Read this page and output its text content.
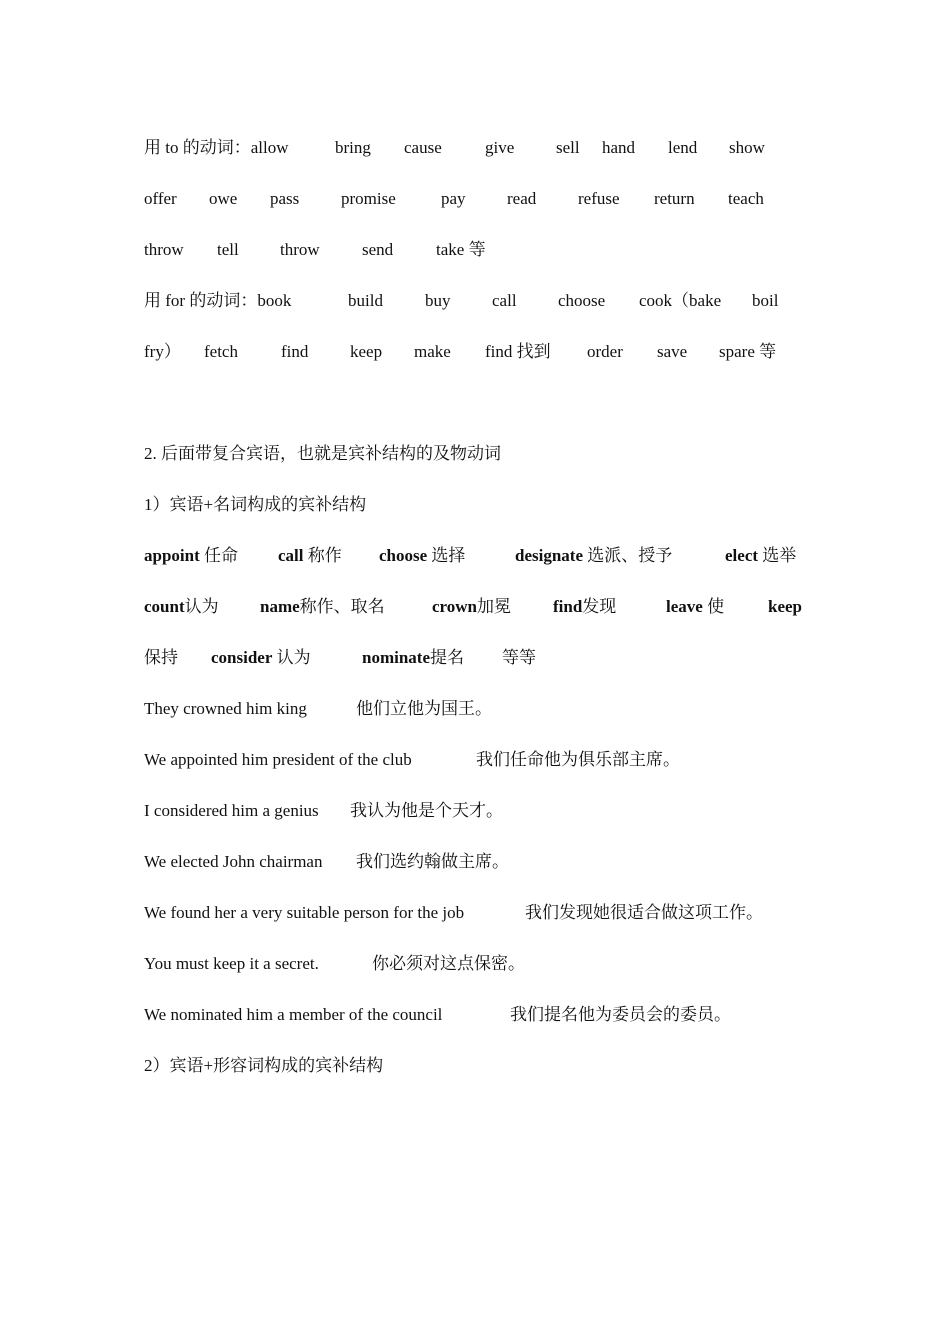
用 to 的动词：allow	bring cause	give sell hand lend show
offer owe pass promise	pay read refuse return teach
throw tell throw send	take 等
用 for 的动词：book	build buy call choose cook（bake boil
fry） fetch	find keep make find 找到 order save spare 等
2. 后面带复合宾语，也就是宾补结构的及物动词
1）宾语+名词构成的宾补结构
appoint 任命 call 称作 choose 选择	designate 选派、授予	elect 选举
count认为 name称作、取名	crown加冕 find发现	leave 使	keep
保持 consider 认为	nominate提名 等等
They crowned him king	他们立他为国王。
We appointed him president of the club	我们任命他为俱乐部主席。
I considered him a genius 我认为他是个天才。
We elected John chairman 我们选约翰做主席。
We found her a very suitable person for the job	我们发现她很适合做这项工作。
You must keep it a secret.	你必须对这点保密。
We nominated him a member of the council	我们提名他为委员会的委员。
2）宾语+形容词构成的宾补结构
